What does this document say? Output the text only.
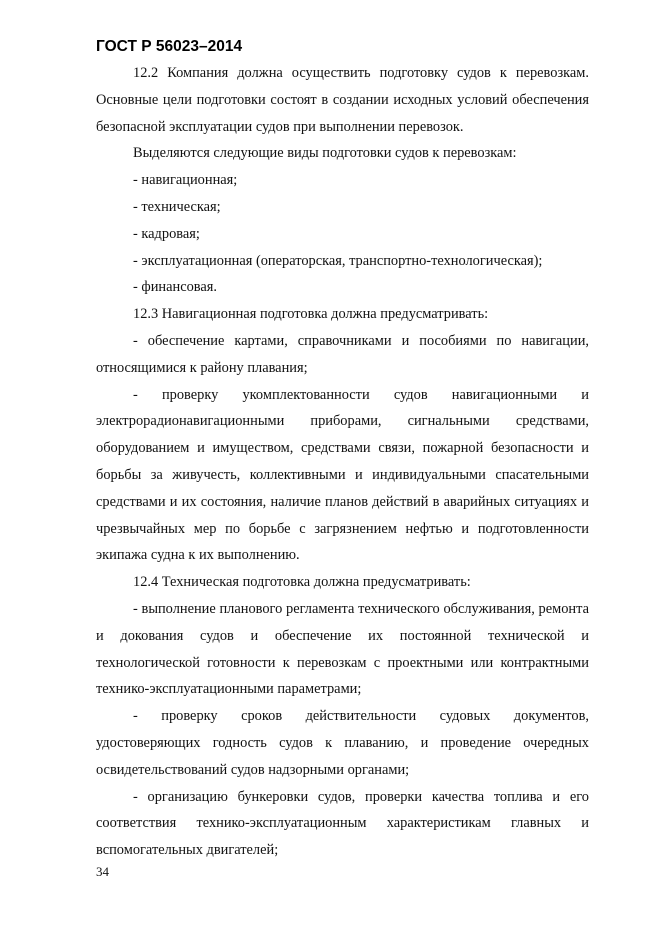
ГОСТ Р 56023–2014

12.2 Компания должна осуществить подготовку судов к перевозкам. Основные цели подготовки состоят в создании исходных условий обеспечения безопасной эксплуатации судов при выполнении перевозок.

Выделяются следующие виды подготовки судов к перевозкам:

- навигационная;

- техническая;

- кадровая;

- эксплуатационная (операторская, транспортно-технологическая);

- финансовая.

12.3 Навигационная подготовка должна предусматривать:

- обеспечение картами, справочниками и пособиями по навигации, относящимися к району плавания;

- проверку укомплектованности судов навигационными и электрорадионавигационными приборами, сигнальными средствами, оборудованием и имуществом, средствами связи, пожарной безопасности и борьбы за живучесть, коллективными и индивидуальными спасательными средствами и их состояния, наличие планов действий в аварийных ситуациях и чрезвычайных мер по борьбе с загрязнением нефтью и подготовленности экипажа судна к их выполнению.

12.4 Техническая подготовка должна предусматривать:

- выполнение планового регламента технического обслуживания, ремонта и докования судов и обеспечение их постоянной технической и технологической готовности к перевозкам с проектными или контрактными технико-эксплуатационными параметрами;

- проверку сроков действительности судовых документов, удостоверяющих годность судов к плаванию, и проведение очередных освидетельствований судов надзорными органами;

- организацию бункеровки судов, проверки качества топлива и его соответствия технико-эксплуатационным характеристикам главных и вспомогательных двигателей;

34
